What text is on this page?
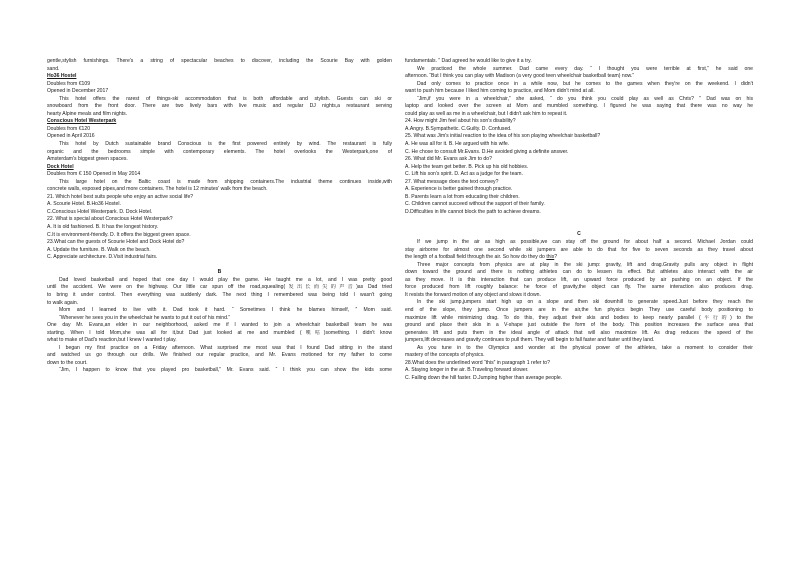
gentle,stylish furnishings. There's a string of spectacular beaches to discover, including the Scourie Bay with golden
sand.
Ho36 Hostel
Doubles from €109
Opened in December 2017
This hotel offers the rarest of things-ski accommodation that is both affordable and stylish. Guests can ski or
snowboard from the front door. There are two lively bars with live music and regular DJ nights,a restaurant serving
hearty Alpine meals and film nights.
Conscious Hotel Westerpark
Doubles from €120
Opened in April 2016
This hotel by Dutch sustainable brand Conscious is the first powered entirely by wind. The restaurant is fully
organic and the bedrooms simple with contemporary elements. The hotel overlooks the Westerpark,one of
Amsterdam's biggest green spaces.
Dock Hotel
Doubles from € 150 Opened in May 2014
This large hotel on the Baltic coast is made from shipping containers.The industrial theme continues inside,with
concrete walls, exposed pipes,and more containers. The hotel is 12 minutes' walk from the beach.
21. Which hotel best suits people who enjoy an active social life?
A. Scourie Hotel. B.Ho36 Hostel.
C.Conscious Hotel Westerpark. D. Dock Hotel.
22. What is special about Conscious Hotel Westerpark?
A. It is old fashioned. B. It has the longest history.
C.It is environment-friendly. D. It offers the biggest green space.
23.What can the guests of Scourie Hotel and Dock Hotel do?
A. Update the furniture. B. Walk on the beach.
C. Appreciate architecture. D.Visit industrial fairs.
B
Dad loved basketball and hoped that one day I would play the game. He taught me a lot, and I was pretty good
until the accident. We were on the highway. Our little car spun off the road,squealing(发出长而尖的声音)as Dad tried
to bring it under control. Then everything was suddenly dark. The next thing I remembered was being told I wasn't going
to walk again.
Mom and I learned to live with it. Dad took it hard. “ Sometimes I think he blames himself, ” Mom said.
“Whenever he sees you in the wheelchair he wants to put it out of his mind.”
One day Mr. Evans,an elder in our neighborhood, asked me if I wanted to join a wheelchair basketball team he was
starting. When I told Mom,she was all for it,but Dad just looked at me and mumbled (嘆咕)something. I didn't know
what to make of Dad's reaction,but I knew I wanted t play.
I began my first practice on a Friday afternoon. What surprised me most was that I found Dad sitting in the stand
and watched us go through our drills. We finished our regular practice, and Mr. Evans motioned for my father to come
down to the court.
“Jim, I happen to know that you played pro basketball,” Mr. Evans said. “ I think you can show the kids some
fundamentals. ” Dad agreed he would like to give it a try.
We practiced the whole summer. Dad came every day. “ I thought you were terrible at first,” he said one
afternoon. “But I think you can play with Madison (a very good teen wheelchair basketball team) now.”
Dad only comes to practice once in a while now, but he comes to the games when they're on the weekend. I didn't
want to push him because I liked him coming to practice, and Mom didn't mind at all.
“Jim,if you were in a wheelchair,” she asked, “ do you think you could play as well as Chris? ” Dad was on his
laptop and looked over the screen at Mom and mumbled something. I figured he was saying that there was no way he
could play as well as me in a wheelchair, but I didn't ask him to repeat it.
24. How might Jim feel about his son's disability?
A.Angry. B.Sympathetic. C.Guilty. D. Confused.
25. What was Jim's initial reaction to the idea of his son playing wheelchair basketball?
A. He was all for it. B. He argued with his wife.
C. He chose to consult Mr.Evans. D.He avoided giving a definite answer.
26. What did Mr. Evans ask Jim to do?
A. Help the team get better. B. Pick up his old hobbies.
C. Lift his son's spirit. D. Act as a judge for the team.
27. What message does the text convey?
A. Experience is better gained through practice.
B. Parents learn a lot from educating their children.
C. Children cannot succeed without the support of their family.
D.Difficulties in life cannot block the path to achieve dreams.
C
If we jump in the air as high as possible,we can stay off the ground for about half a second. Michael Jordan could
stay airborne for almost one second while ski jumpers are able to do that for five to seven seconds as they travel about
the length of a football field through the air. So how do they do this?
Three major concepts from physics are at play in the ski jump: gravity, lift and drag.Gravity pulls any object in flight
down toward the ground and there is nothing athletes can do to lessen its effect. But athletes also interact with the air
as they move. It is this interaction that can produce lift, an upward force produced by air pushing on an object. If the
force produced from lift roughly balance: he force of gravity,the object can fly. The same interaction also produces drag.
It resists the forward motion of any object and slows it down.
In the ski jump,jumpers start high up on a slope and then ski downhill to generate speed.Just before they reach the
end of the slope, they jump. Once jumpers are in the air,the fun physics begin They use careful body positioning to
maximize lift while minimizing drag. To do this, they adjust their skis and bodies to keep nearly parallel (平行的) to the
ground and place their skis in a V-shape just outside the form of the body. This position increases the surface area that
generates lift and puts them in the ideal angle of attack that will also maximize lift. As drag reduces the speed of the
jumpers,lift decreases and gravity continues to pull them. They will begin to fall faster and faster until they land.
As you tune in to the Olympics and wonder at the physical power of the athletes, take a moment to consider their
mastery of the concepts of physics.
28.What does the underlined word “this” in paragraph 1 refer to?
A. Staying longer in the air. B.Traveling forward slower.
C. Falling down the hill faster. D.Jumping higher than average people.
